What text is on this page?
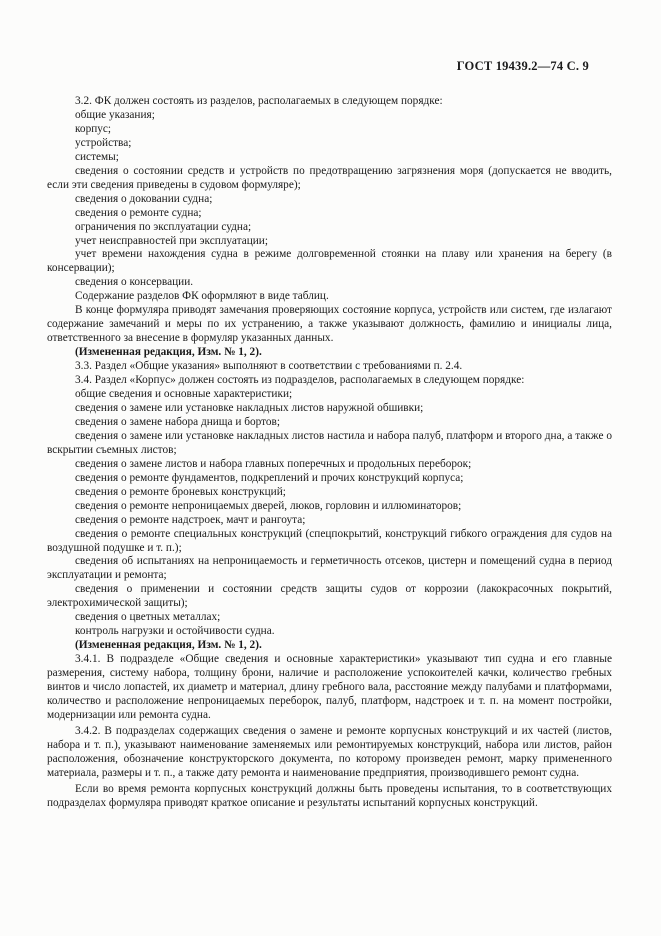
ГОСТ 19439.2—74 С. 9

3.2. ФК должен состоять из разделов, располагаемых в следующем порядке:

общие указания;

корпус;

устройства;

системы;

сведения о состоянии средств и устройств по предотвращению загрязнения моря (допускается не вводить, если эти сведения приведены в судовом формуляре);

сведения о доковании судна;

сведения о ремонте судна;

ограничения по эксплуатации судна;

учет неисправностей при эксплуатации;

учет времени нахождения судна в режиме долговременной стоянки на плаву или хранения на берегу (в консервации);

сведения о консервации.

Содержание разделов ФК оформляют в виде таблиц.

В конце формуляра приводят замечания проверяющих состояние корпуса, устройств или систем, где излагают содержание замечаний и меры по их устранению, а также указывают должность, фамилию и инициалы лица, ответственного за внесение в формуляр указанных данных.

(Измененная редакция, Изм. № 1, 2).

3.3. Раздел «Общие указания» выполняют в соответствии с требованиями п. 2.4.

3.4. Раздел «Корпус» должен состоять из подразделов, располагаемых в следующем порядке:

общие сведения и основные характеристики;

сведения о замене или установке накладных листов наружной обшивки;

сведения о замене набора днища и бортов;

сведения о замене или установке накладных листов настила и набора палуб, платформ и второго дна, а также о вскрытии съемных листов;

сведения о замене листов и набора главных поперечных и продольных переборок;

сведения о ремонте фундаментов, подкреплений и прочих конструкций корпуса;

сведения о ремонте броневых конструкций;

сведения о ремонте непроницаемых дверей, люков, горловин и иллюминаторов;

сведения о ремонте надстроек, мачт и рангоута;

сведения о ремонте специальных конструкций (спецпокрытий, конструкций гибкого ограждения для судов на воздушной подушке и т. п.);

сведения об испытаниях на непроницаемость и герметичность отсеков, цистерн и помещений судна в период эксплуатации и ремонта;

сведения о применении и состоянии средств защиты судов от коррозии (лакокрасочных покрытий, электрохимической защиты);

сведения о цветных металлах;

контроль нагрузки и остойчивости судна.

(Измененная редакция, Изм. № 1, 2).

3.4.1. В подразделе «Общие сведения и основные характеристики» указывают тип судна и его главные размерения, систему набора, толщину брони, наличие и расположение успокоителей качки, количество гребных винтов и число лопастей, их диаметр и материал, длину гребного вала, расстояние между палубами и платформами, количество и расположение непроницаемых переборок, палуб, платформ, надстроек и т. п. на момент постройки, модернизации или ремонта судна.

3.4.2. В подразделах содержащих сведения о замене и ремонте корпусных конструкций и их частей (листов, набора и т. п.), указывают наименование заменяемых или ремонтируемых конструкций, набора или листов, район расположения, обозначение конструкторского документа, по которому произведен ремонт, марку примененного материала, размеры и т. п., а также дату ремонта и наименование предприятия, производившего ремонт судна.

Если во время ремонта корпусных конструкций должны быть проведены испытания, то в соответствующих подразделах формуляра приводят краткое описание и результаты испытаний корпусных конструкций.
